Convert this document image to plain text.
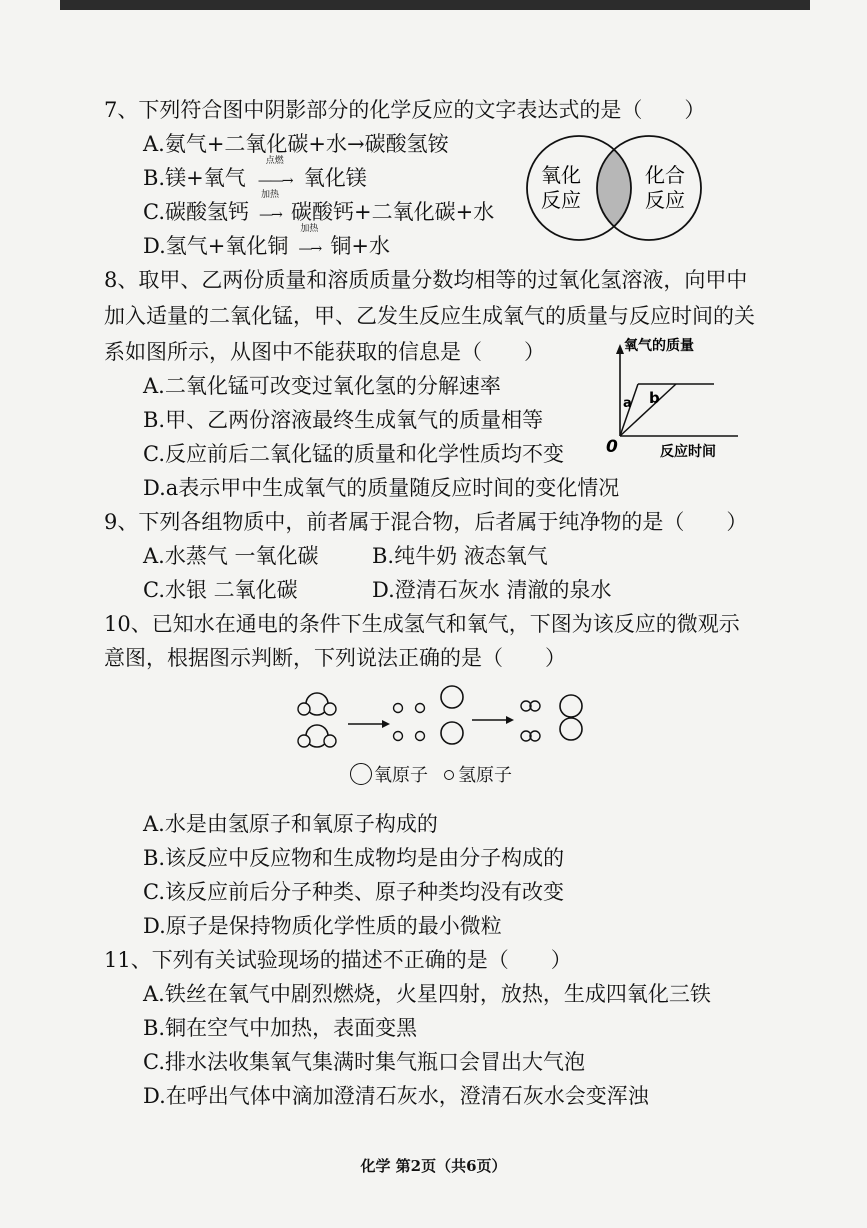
7、下列符合图中阴影部分的化学反应的文字表达式的是（　　）
A.氨气+二氧化碳+水→碳酸氢铵
B.镁+氧气
点燃
——→ 氧化镁
C.碳酸氢钙
加热
—→ 碳酸钙+二氧化碳+水
D.氢气+氧化铜
加热
—→ 铜+水
氧化
反应
化合
反应
8、取甲、乙两份质量和溶质质量分数均相等的过氧化氢溶液，向甲中
加入适量的二氧化锰，甲、乙发生反应生成氧气的质量与反应时间的关
系如图所示，从图中不能获取的信息是（　　）
A.二氧化锰可改变过氧化氢的分解速率
B.甲、乙两份溶液最终生成氧气的质量相等
C.反应前后二氧化锰的质量和化学性质均不变
D.a表示甲中生成氧气的质量随反应时间的变化情况
氧气的质量
反应时间
0
a b
9、下列各组物质中，前者属于混合物，后者属于纯净物的是（　　）
A.水蒸气 一氧化碳	B.纯牛奶 液态氧气
C.水银 二氧化碳	D.澄清石灰水 清澈的泉水
10、已知水在通电的条件下生成氢气和氧气，下图为该反应的微观示
意图，根据图示判断，下列说法正确的是（　　）
氧原子 氢原子
A.水是由氢原子和氧原子构成的
B.该反应中反应物和生成物均是由分子构成的
C.该反应前后分子种类、原子种类均没有改变
D.原子是保持物质化学性质的最小微粒
11、下列有关试验现场的描述不正确的是（　　）
A.铁丝在氧气中剧烈燃烧，火星四射，放热，生成四氧化三铁
B.铜在空气中加热，表面变黑
C.排水法收集氧气集满时集气瓶口会冒出大气泡
D.在呼出气体中滴加澄清石灰水，澄清石灰水会变浑浊
化学 第2页（共6页）
